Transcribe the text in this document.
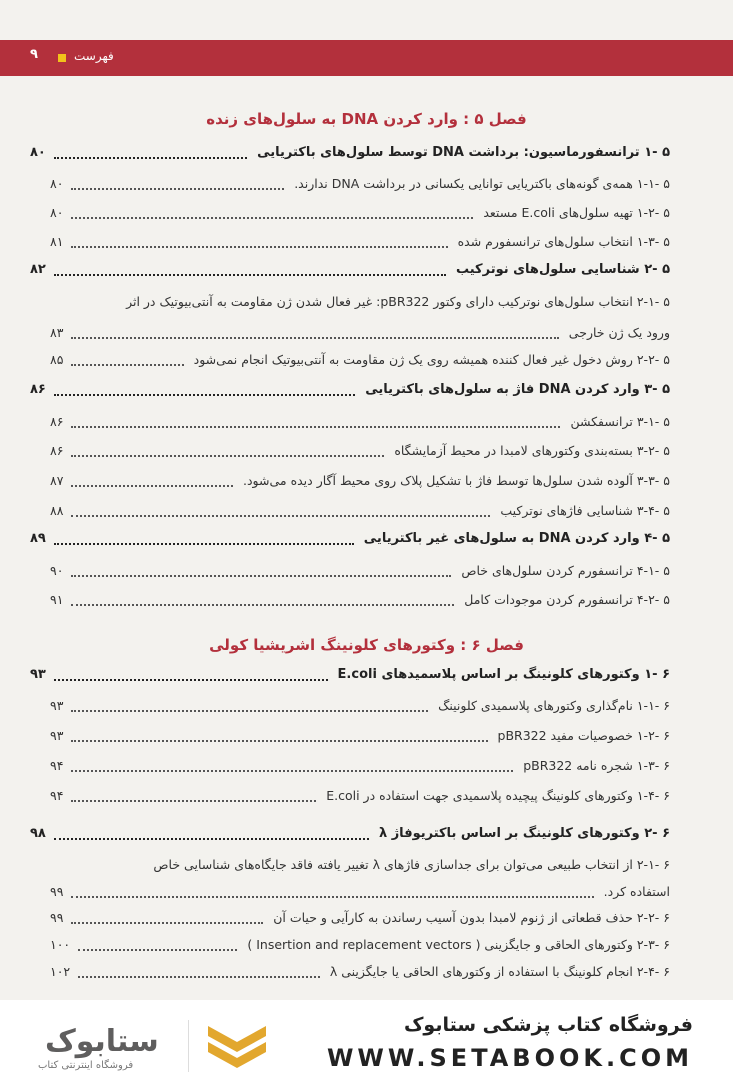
۹	فهرست
فصل ۵ : وارد کردن DNA به سلول‌های زنده
فصل ۶ : وکتورهای کلونینگ اشریشیا کولی
۵ -۱ ترانسفورماسیون: برداشت DNA توسط سلول‌های باکتریایی
۸۰
۵ -۱-۱ همه‌ی گونه‌های باکتریایی توانایی یکسانی در برداشت DNA ندارند.
۸۰
۵ -۱-۲ تهیه سلول‌های E.coli مستعد
۸۰
۵ -۱-۳ انتخاب سلول‌های ترانسفورم شده
۸۱
۵ -۲ شناسایی سلول‌های نوترکیب
۸۲
۵ -۲-۱ انتخاب سلول‌های نوترکیب دارای وکتور pBR322: غیر فعال شدن ژن مقاومت به آنتی‌بیوتیک در اثر
ورود یک ژن خارجی
۸۳
۵ -۲-۲ روش دخول غیر فعال کننده همیشه روی یک ژن مقاومت به آنتی‌بیوتیک انجام نمی‌شود
۸۵
۵ -۳ وارد کردن DNA فاژ به سلول‌های باکتریایی
۸۶
۵ -۳-۱ ترانسفکشن
۸۶
۵ -۳-۲ بسته‌بندی وکتورهای لامبدا در محیط آزمایشگاه
۸۶
۵ -۳-۳ آلوده شدن سلول‌ها توسط فاژ با تشکیل پلاک روی محیط آگار دیده می‌شود.
۸۷
۵ -۳-۴ شناسایی فاژهای نوترکیب
۸۸
۵ -۴ وارد کردن DNA به سلول‌های غیر باکتریایی
۸۹
۵ -۴-۱ ترانسفورم کردن سلول‌های خاص
۹۰
۵ -۴-۲ ترانسفورم کردن موجودات کامل
۹۱
۶ -۱ وکتورهای کلونینگ بر اساس پلاسمیدهای E.coli
۹۳
۶ -۱-۱ نام‌گذاری وکتورهای پلاسمیدی کلونینگ
۹۳
۶ -۱-۲ خصوصیات مفید pBR322
۹۳
۶ -۱-۳ شجره نامه pBR322
۹۴
۶ -۱-۴ وکتورهای کلونینگ پیچیده پلاسمیدی جهت استفاده در E.coli
۹۴
۶ -۲ وکتورهای کلونینگ بر اساس باکتریوفاژ λ
۹۸
۶ -۲-۱ از انتخاب طبیعی می‌توان برای جداسازی فاژهای λ تغییر یافته فاقد جایگاه‌های شناسایی خاص
استفاده کرد.
۹۹
۶ -۲-۲ حذف قطعاتی از ژنوم لامبدا بدون آسیب رساندن به کارآیی و حیات آن
۹۹
۶ -۲-۳ وکتورهای الحاقی و جایگزینی ( Insertion and replacement vectors )
۱۰۰
۶ -۲-۴ انجام کلونینگ با استفاده از وکتورهای الحاقی یا جایگزینی λ
۱۰۲
فروشگاه کتاب پزشکی ستابوک
WWW.SETABOOK.COM
ستابوک
فروشگاه اینترنتی کتاب
